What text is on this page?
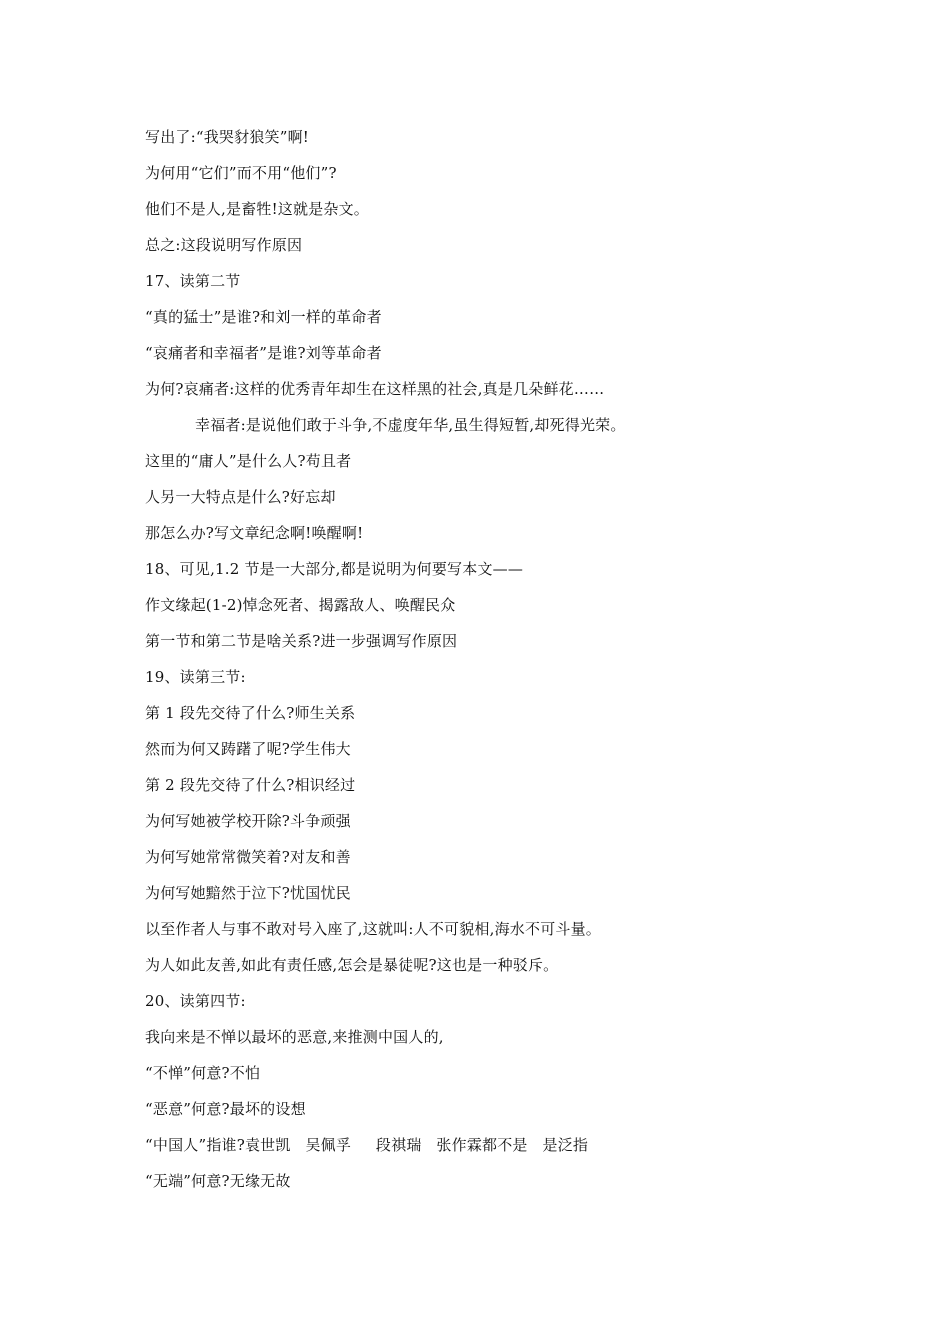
写出了:“我哭豺狼笑”啊!
为何用“它们”而不用“他们”?
他们不是人,是畜牲!这就是杂文。
总之:这段说明写作原因
17、读第二节
“真的猛士”是谁?和刘一样的革命者
“哀痛者和幸福者”是谁?刘等革命者
为何?哀痛者:这样的优秀青年却生在这样黑的社会,真是几朵鲜花……
幸福者:是说他们敢于斗争,不虚度年华,虽生得短暂,却死得光荣。
这里的“庸人”是什么人?苟且者
人另一大特点是什么?好忘却
那怎么办?写文章纪念啊!唤醒啊!
18、可见,1.2 节是一大部分,都是说明为何要写本文——
作文缘起(1-2)悼念死者、揭露敌人、唤醒民众
第一节和第二节是啥关系?进一步强调写作原因
19、读第三节:
第 1 段先交待了什么?师生关系
然而为何又踌躇了呢?学生伟大
第 2 段先交待了什么?相识经过
为何写她被学校开除?斗争顽强
为何写她常常微笑着?对友和善
为何写她黯然于泣下?忧国忧民
以至作者人与事不敢对号入座了,这就叫:人不可貌相,海水不可斗量。
为人如此友善,如此有责任感,怎会是暴徒呢?这也是一种驳斥。
20、读第四节:
我向来是不惮以最坏的恶意,来推测中国人的,
“不惮”何意?不怕
“恶意”何意?最坏的设想
“中国人”指谁?袁世凯   吴佩孚     段祺瑞   张作霖都不是   是泛指
“无端”何意?无缘无故
